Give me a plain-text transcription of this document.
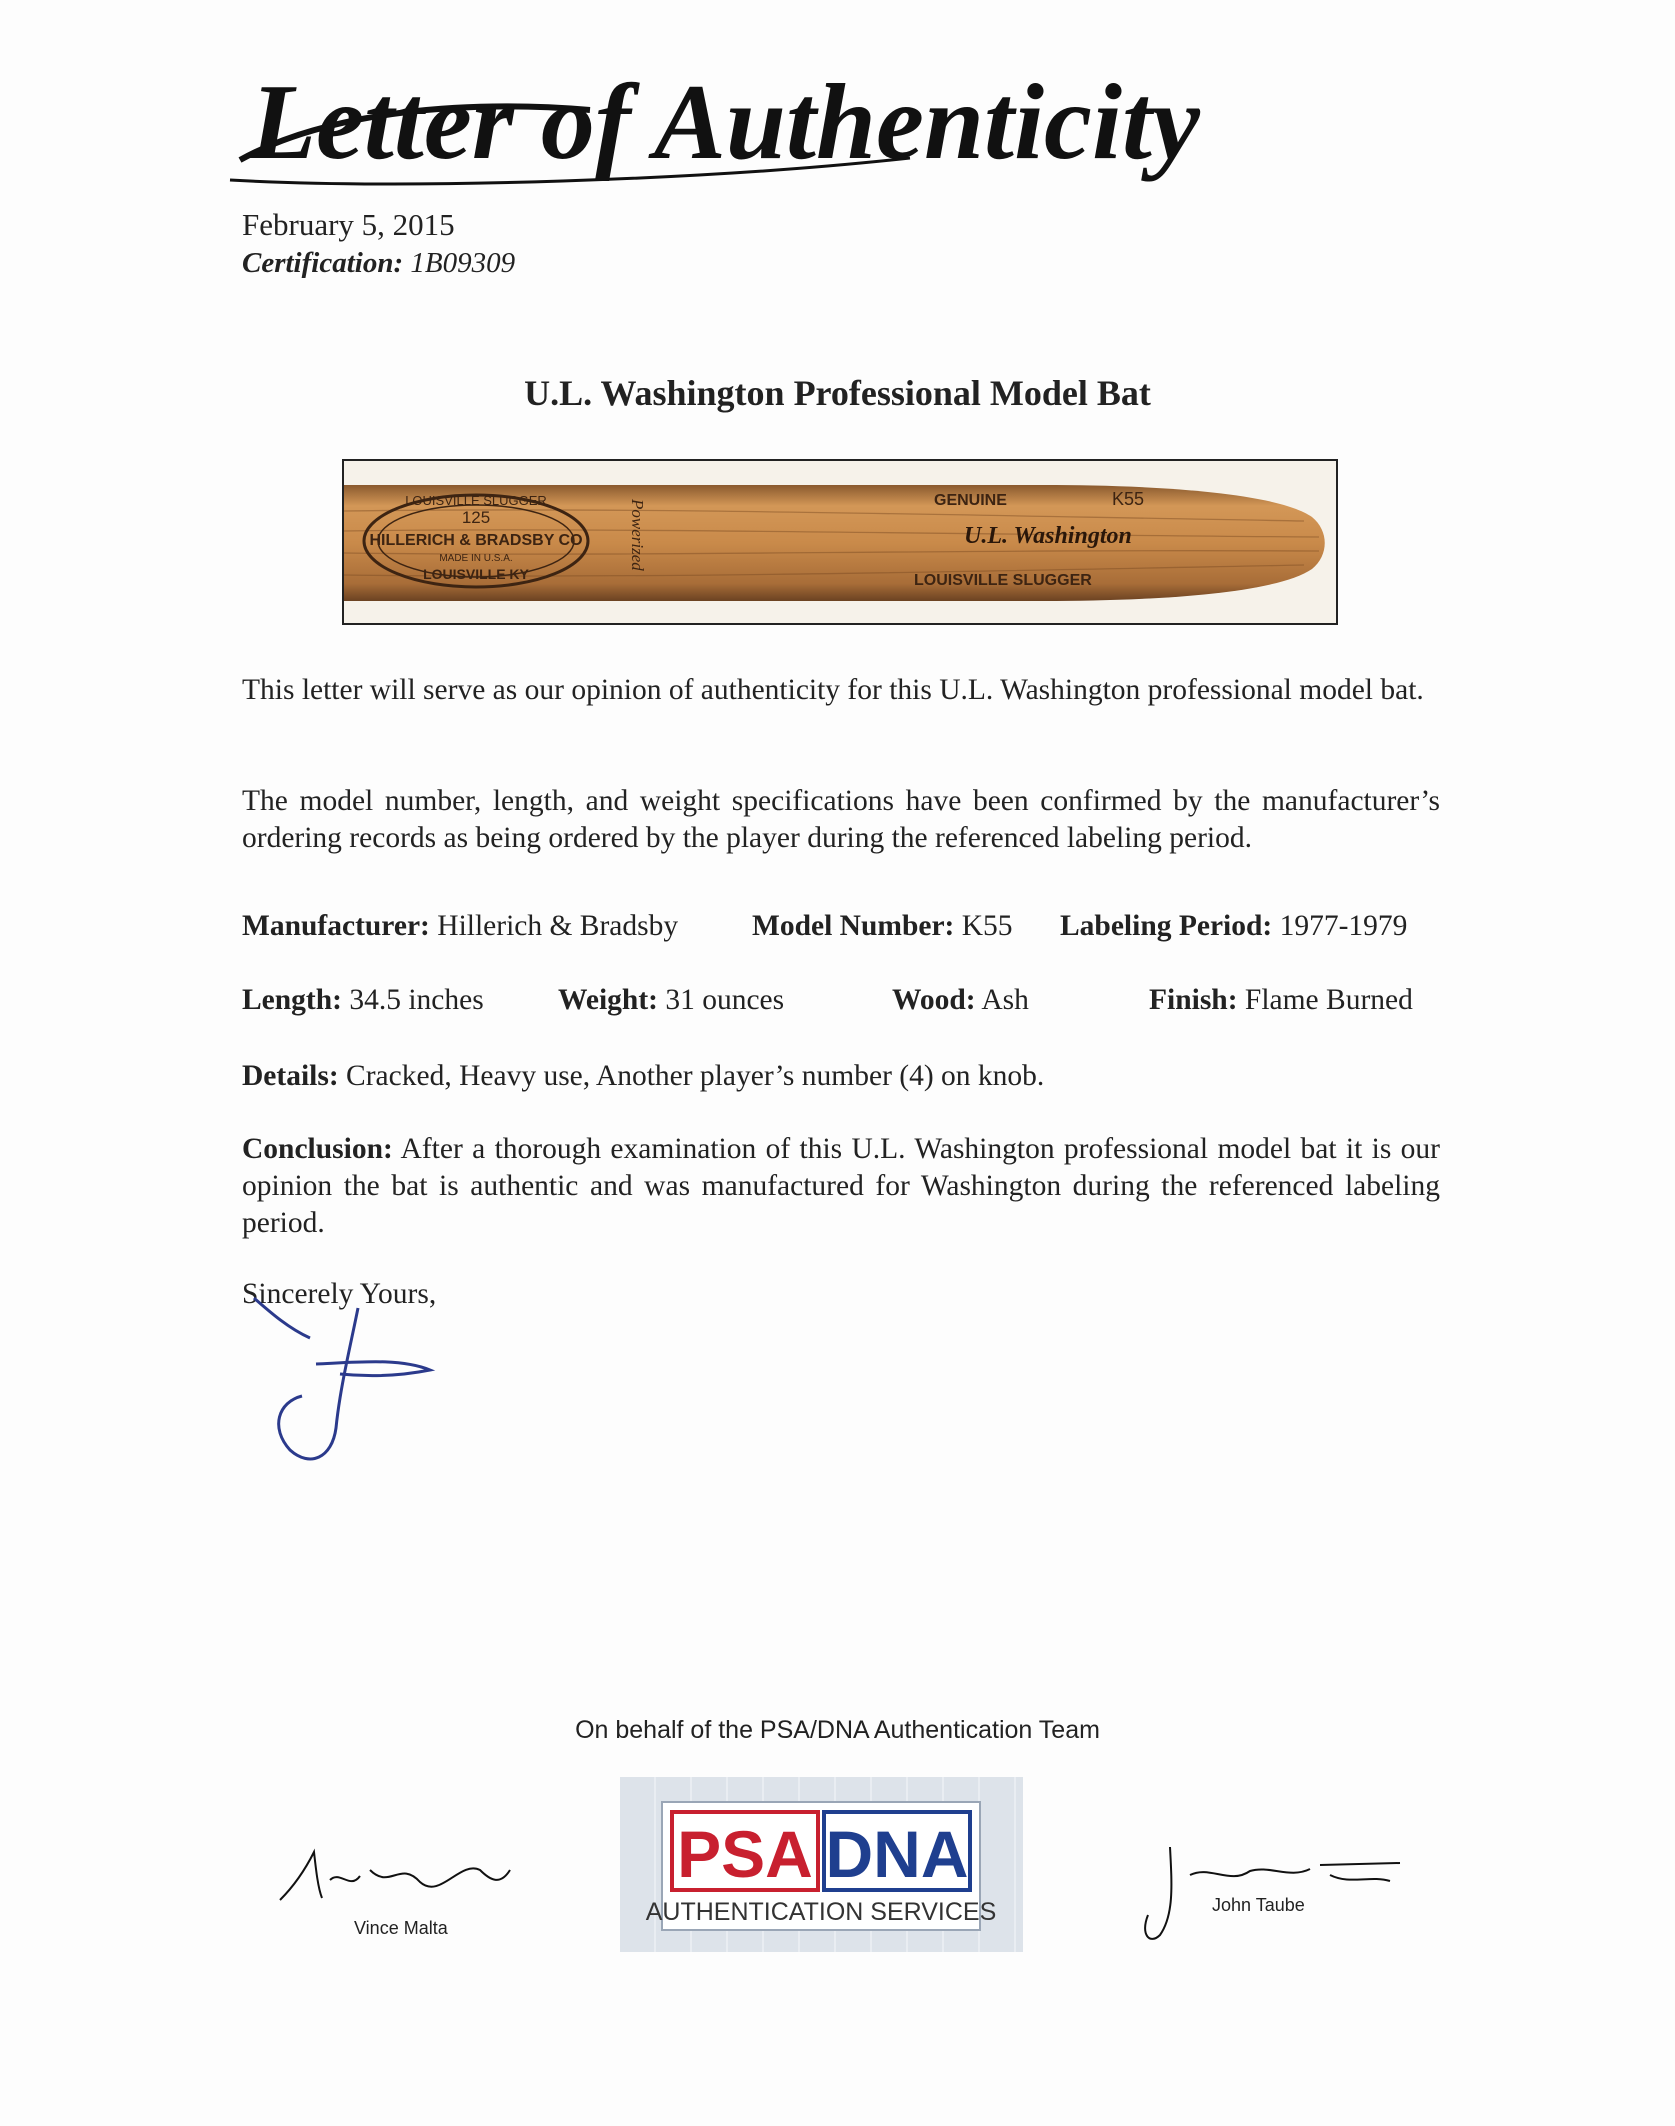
Letter of Authenticity
February 5, 2015
Certification: 1B09309
U.L. Washington Professional Model Bat
LOUISVILLE SLUGGER
125
HILLERICH & BRADSBY CO
MADE IN U.S.A.
LOUISVILLE KY
Powerized	GENUINE	K55
U.L. Washington
LOUISVILLE SLUGGER
This letter will serve as our opinion of authenticity for this U.L. Washington professional model bat.
The model number, length, and weight specifications have been confirmed by the manufacturer’s ordering records as being ordered by the player during the referenced labeling period.
Manufacturer: Hillerich & Bradsby	Model Number: K55 Labeling Period: 1977-1979
Length: 34.5 inches	Weight: 31 ounces	Wood: Ash	Finish: Flame Burned
Details: Cracked, Heavy use, Another player’s number (4) on knob.
Conclusion: After a thorough examination of this U.L. Washington professional model bat it is our opinion the bat is authentic and was manufactured for Washington during the referenced labeling period.
Sincerely Yours,
On behalf of the PSA/DNA Authentication Team
PSA DNA
AUTHENTICATION SERVICES
Vince Malta
John Taube
